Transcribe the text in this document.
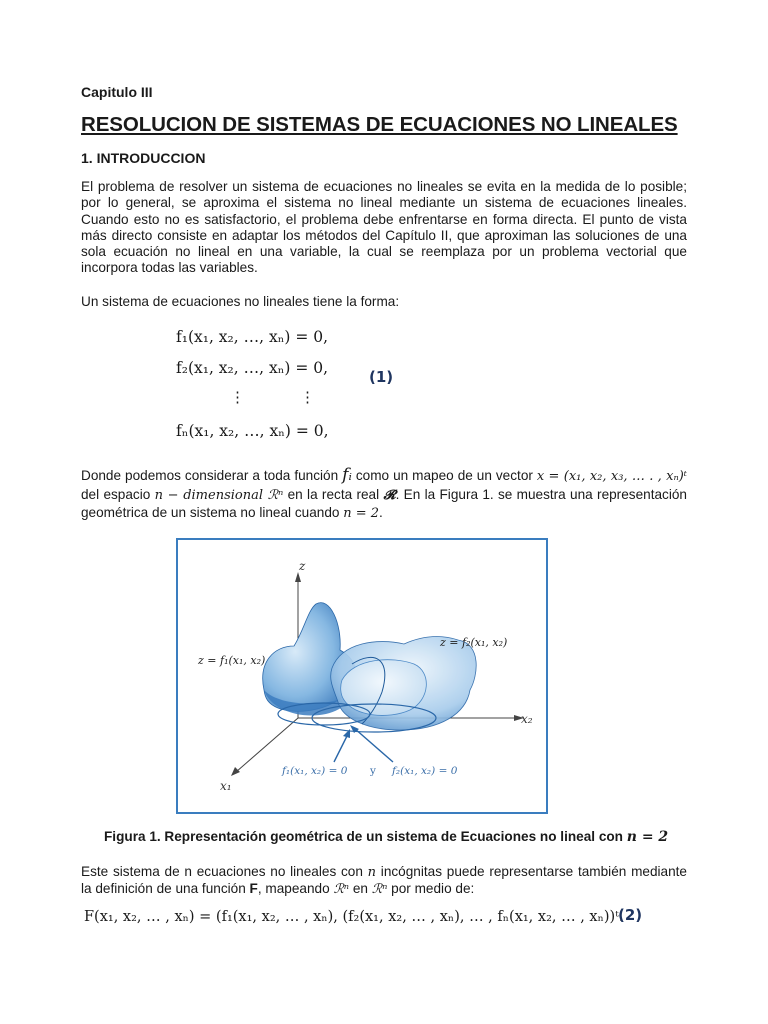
Capitulo III
RESOLUCION DE SISTEMAS DE ECUACIONES NO LINEALES
1. INTRODUCCION

El problema de resolver un sistema de ecuaciones no lineales se evita en la medida de lo posible; por lo general, se aproxima el sistema no lineal mediante un sistema de ecuaciones lineales. Cuando esto no es satisfactorio, el problema debe enfrentarse en forma directa. El punto de vista más directo consiste en adaptar los métodos del Capítulo II, que aproximan las soluciones de una sola ecuación no lineal en una variable, la cual se reemplaza por un problema vectorial que incorpora todas las variables.

Un sistema de ecuaciones no lineales tiene la forma:

f₁(x₁, x₂, …, xₙ) = 0,
f₂(x₁, x₂, …, xₙ) = 0,
⋮	⋮
fₙ(x₁, x₂, …, xₙ) = 0,
(1)

Donde podemos considerar a toda función fᵢ como un mapeo de un vector x = (x₁, x₂, x₃, … . , xₙ)ᵗ del espacio n − dimensional ℛⁿ en la recta real 𝓡. En la Figura 1. se muestra una representación geométrica de un sistema no lineal cuando n = 2.

z
x₂
x₁
z = f₁(x₁, x₂)
z = f₂(x₁, x₂)
f₁(x₁, x₂) = 0 y f₂(x₁, x₂) = 0
Figura 1. Representación geométrica de un sistema de Ecuaciones no lineal con n = 2

Este sistema de n ecuaciones no lineales con n incógnitas puede representarse también mediante la definición de una función F, mapeando ℛⁿ en ℛⁿ por medio de:

F(x₁, x₂, … , xₙ) = (f₁(x₁, x₂, … , xₙ), (f₂(x₁, x₂, … , xₙ), … , fₙ(x₁, x₂, … , xₙ))ᵗ.
(2)
